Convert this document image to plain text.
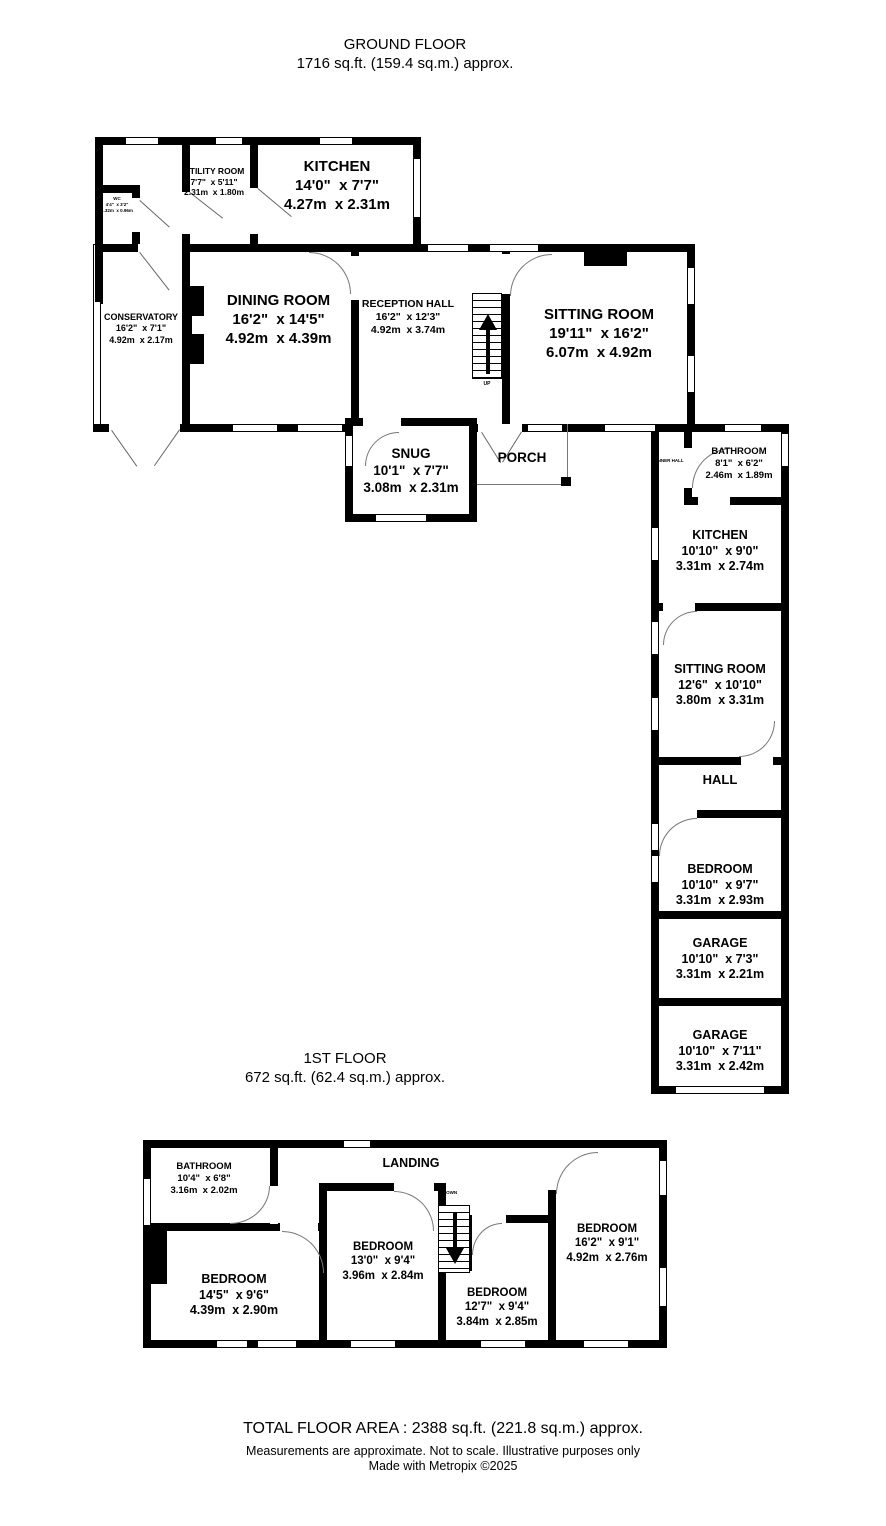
GROUND FLOOR
1716 sq.ft. (159.4 sq.m.) approx.
UP
WC
4'4"  x 3'2"
1.32m  x 0.96m
UTILITY ROOM
7'7"  x 5'11"
2.31m  x 1.80m
KITCHEN
14'0"  x 7'7"
4.27m  x 2.31m
CONSERVATORY
16'2"  x 7'1"
4.92m  x 2.17m
DINING ROOM
16'2"  x 14'5"
4.92m  x 4.39m
RECEPTION HALL
16'2"  x 12'3"
4.92m  x 3.74m
SITTING ROOM
19'11"  x 16'2"
6.07m  x 4.92m
SNUG
10'1"  x 7'7"
3.08m  x 2.31m
PORCH	INNER HALL
BATHROOM
8'1"  x 6'2"
2.46m  x 1.89m
KITCHEN
10'10"  x 9'0"
3.31m  x 2.74m
SITTING ROOM
12'6"  x 10'10"
3.80m  x 3.31m
HALL
BEDROOM
10'10"  x 9'7"
3.31m  x 2.93m
GARAGE
10'10"  x 7'3"
3.31m  x 2.21m
GARAGE
10'10"  x 7'11"
3.31m  x 2.42m
1ST FLOOR
672 sq.ft. (62.4 sq.m.) approx.
DOWN
BATHROOM
10'4"  x 6'8"
3.16m  x 2.02m
LANDING
BEDROOM
14'5"  x 9'6"
4.39m  x 2.90m
BEDROOM
13'0"  x 9'4"
3.96m  x 2.84m
BEDROOM
12'7"  x 9'4"
3.84m  x 2.85m
BEDROOM
16'2"  x 9'1"
4.92m  x 2.76m
TOTAL FLOOR AREA : 2388 sq.ft. (221.8 sq.m.) approx.
Measurements are approximate. Not to scale. Illustrative purposes only
Made with Metropix ©2025
